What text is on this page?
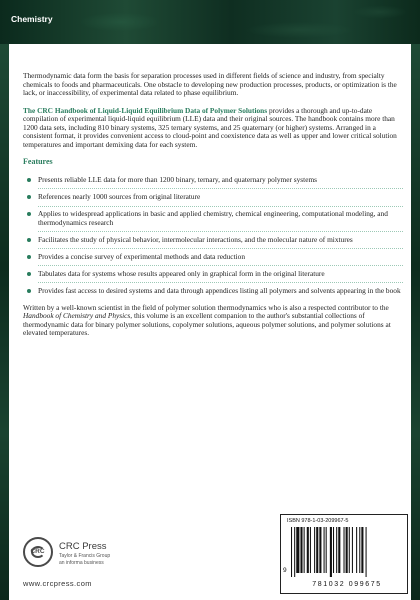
Chemistry

Thermodynamic data form the basis for separation processes used in different fields of science and industry, from specialty chemicals to foods and pharmaceuticals. One obstacle to developing new production processes, products, or optimization is the lack, or inaccessibility, of experimental data related to phase equilibrium.

The CRC Handbook of Liquid-Liquid Equilibrium Data of Polymer Solutions provides a thorough and up-to-date compilation of experimental liquid-liquid equilibrium (LLE) data and their original sources. The handbook contains more than 1200 data sets, including 810 binary systems, 325 ternary systems, and 25 quaternary (or higher) systems. Arranged in a consistent format, it provides convenient access to cloud-point and coexistence data as well as upper and lower critical solution temperatures and important demixing data for each system.

Features
Presents reliable LLE data for more than 1200 binary, ternary, and quaternary polymer systems
References nearly 1000 sources from original literature
Applies to widespread applications in basic and applied chemistry, chemical engineering, computational modeling, and thermodynamics research
Facilitates the study of physical behavior, intermolecular interactions, and the molecular nature of mixtures
Provides a concise survey of experimental methods and data reduction
Tabulates data for systems whose results appeared only in graphical form in the original literature
Provides fast access to desired systems and data through appendices listing all polymers and solvents appearing in the book

Written by a well-known scientist in the field of polymer solution thermodynamics who is also a respected contributor to the Handbook of Chemistry and Physics, this volume is an excellent companion to the author's substantial collections of thermodynamic data for binary polymer solutions, copolymer solutions, aqueous polymer solutions, and polymer solutions at elevated temperatures.

CRC	CRC Press
Taylor & Francis Group
an informa business
www.crcpress.com
ISBN 978-1-03-209967-5
9
781032 099675
